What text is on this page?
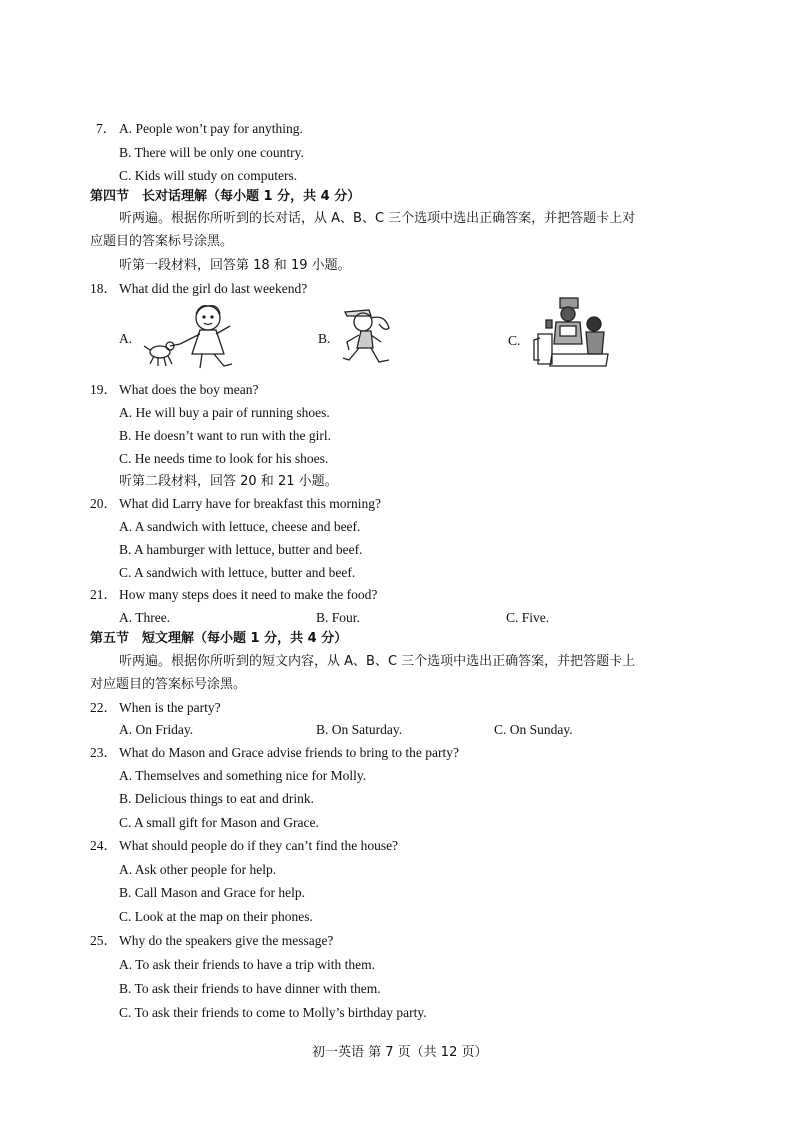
7． A. People won’t pay for anything.
B. There will be only one country.
C. Kids will study on computers.
第四节　长对话理解（每小题 1 分，共 4 分）
听两遍。根据你所听到的长对话，从 A、B、C 三个选项中选出正确答案，并把答题卡上对
应题目的答案标号涂黑。
听第一段材料，回答第 18 和 19 小题。
18． What did the girl do last weekend?
A.	B.	C.
19． What does the boy mean?
A. He will buy a pair of running shoes.
B. He doesn’t want to run with the girl.
C. He needs time to look for his shoes.
听第二段材料，回答 20 和 21 小题。
20． What did Larry have for breakfast this morning?
A. A sandwich with lettuce, cheese and beef.
B. A hamburger with lettuce, butter and beef.
C. A sandwich with lettuce, butter and beef.
21． How many steps does it need to make the food?
A. Three.	B. Four.	C. Five.
第五节　短文理解（每小题 1 分，共 4 分）
听两遍。根据你所听到的短文内容，从 A、B、C 三个选项中选出正确答案，并把答题卡上
对应题目的答案标号涂黑。
22． When is the party?
A. On Friday.	B. On Saturday.	C. On Sunday.
23． What do Mason and Grace advise friends to bring to the party?
A. Themselves and something nice for Molly.
B. Delicious things to eat and drink.
C. A small gift for Mason and Grace.
24． What should people do if they can’t find the house?
A. Ask other people for help.
B. Call Mason and Grace for help.
C. Look at the map on their phones.
25． Why do the speakers give the message?
A. To ask their friends to have a trip with them.
B. To ask their friends to have dinner with them.
C. To ask their friends to come to Molly’s birthday party.
初一英语 第 7 页（共 12 页）
